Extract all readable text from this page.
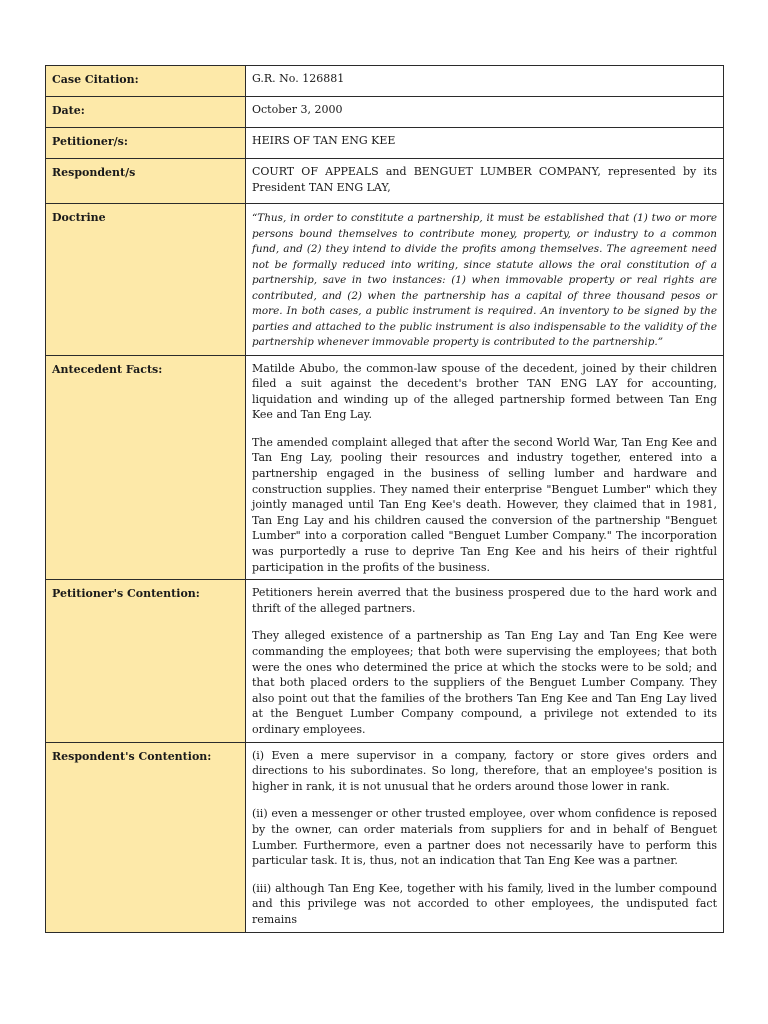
Case Citation:	G.R. No. 126881
Date:	October 3, 2000
Petitioner/s:	HEIRS OF TAN ENG KEE
Respondent/s	COURT OF APPEALS and BENGUET LUMBER COMPANY, represented by its President TAN ENG LAY,
Doctrine	“Thus, in order to constitute a partnership, it must be established that (1) two or more persons bound themselves to contribute money, property, or industry to a common fund, and (2) they intend to divide the profits among themselves. The agreement need not be formally reduced into writing, since statute allows the oral constitution of a partnership, save in two instances: (1) when immovable property or real rights are contributed, and (2) when the partnership has a capital of three thousand pesos or more. In both cases, a public instrument is required. An inventory to be signed by the parties and attached to the public instrument is also indispensable to the validity of the partnership whenever immovable property is contributed to the partnership.”
Antecedent Facts:	Matilde Abubo, the common-law spouse of the decedent, joined by their children filed a suit against the decedent's brother TAN ENG LAY for accounting, liquidation and winding up of the alleged partnership formed between Tan Eng Kee and Tan Eng Lay.

The amended complaint alleged that after the second World War, Tan Eng Kee and Tan Eng Lay, pooling their resources and industry together, entered into a partnership engaged in the business of selling lumber and hardware and construction supplies. They named their enterprise "Benguet Lumber" which they jointly managed until Tan Eng Kee's death. However, they claimed that in 1981, Tan Eng Lay and his children caused the conversion of the partnership "Benguet Lumber" into a corporation called "Benguet Lumber Company." The incorporation was purportedly a ruse to deprive Tan Eng Kee and his heirs of their rightful participation in the profits of the business.

Petitioner's Contention:	Petitioners herein averred that the business prospered due to the hard work and thrift of the alleged partners.

They alleged existence of a partnership as Tan Eng Lay and Tan Eng Kee were commanding the employees; that both were supervising the employees; that both were the ones who determined the price at which the stocks were to be sold; and that both placed orders to the suppliers of the Benguet Lumber Company. They also point out that the families of the brothers Tan Eng Kee and Tan Eng Lay lived at the Benguet Lumber Company compound, a privilege not extended to its ordinary employees.

Respondent's Contention:	(i) Even a mere supervisor in a company, factory or store gives orders and directions to his subordinates. So long, therefore, that an employee's position is higher in rank, it is not unusual that he orders around those lower in rank.

(ii) even a messenger or other trusted employee, over whom confidence is reposed by the owner, can order materials from suppliers for and in behalf of Benguet Lumber. Furthermore, even a partner does not necessarily have to perform this particular task. It is, thus, not an indication that Tan Eng Kee was a partner.

(iii) although Tan Eng Kee, together with his family, lived in the lumber compound and this privilege was not accorded to other employees, the undisputed fact remains
